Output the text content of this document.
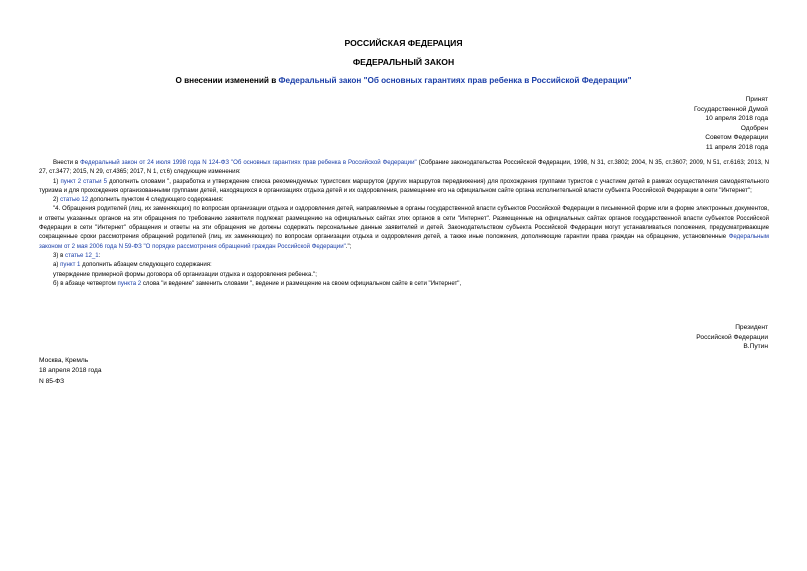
РОССИЙСКАЯ ФЕДЕРАЦИЯ
ФЕДЕРАЛЬНЫЙ ЗАКОН
О внесении изменений в Федеральный закон "Об основных гарантиях прав ребенка в Российской Федерации"
Принят
Государственной Думой
10 апреля 2018 года
Одобрен
Советом Федерации
11 апреля 2018 года

Внести в Федеральный закон от 24 июля 1998 года N 124-ФЗ "Об основных гарантиях прав ребенка в Российской Федерации" (Собрание законодательства Российской Федерации, 1998, N 31, ст.3802; 2004, N 35, ст.3607; 2009, N 51, ст.6163; 2013, N 27, ст.3477; 2015, N 29, ст.4365; 2017, N 1, ст.6) следующие изменения:

1) пункт 2 статьи 5 дополнить словами ", разработка и утверждение списка рекомендуемых туристских маршрутов (других маршрутов передвижения) для прохождения группами туристов с участием детей в рамках осуществления самодеятельного туризма и для прохождения организованными группами детей, находящихся в организациях отдыха детей и их оздоровления, размещение его на официальном сайте органа исполнительной власти субъекта Российской Федерации в сети "Интернет";

2) статью 12 дополнить пунктом 4 следующего содержания:

"4. Обращения родителей (лиц, их заменяющих) по вопросам организации отдыха и оздоровления детей, направляемые в органы государственной власти субъектов Российской Федерации в письменной форме или в форме электронных документов, и ответы указанных органов на эти обращения по требованию заявителя подлежат размещению на официальных сайтах этих органов в сети "Интернет". Размещенные на официальных сайтах органов государственной власти субъектов Российской Федерации в сети "Интернет" обращения и ответы на эти обращения не должны содержать персональные данные заявителей и детей. Законодательством субъекта Российской Федерации могут устанавливаться положения, предусматривающие сокращенные сроки рассмотрения обращений родителей (лиц, их заменяющих) по вопросам организации отдыха и оздоровления детей, а также иные положения, дополняющие гарантии права граждан на обращение, установленные Федеральным законом от 2 мая 2006 года N 59-ФЗ "О порядке рассмотрения обращений граждан Российской Федерации".";

3) в статье 12_1:

а) пункт 1 дополнить абзацем следующего содержания:

утверждение примерной формы договора об организации отдыха и оздоровления ребенка.";

б) в абзаце четвертом пункта 2 слова "и ведение" заменить словами ", ведение и размещение на своем официальном сайте в сети "Интернет",

Президент
Российской Федерации
В.Путин
Москва, Кремль
18 апреля 2018 года
N 85-ФЗ
